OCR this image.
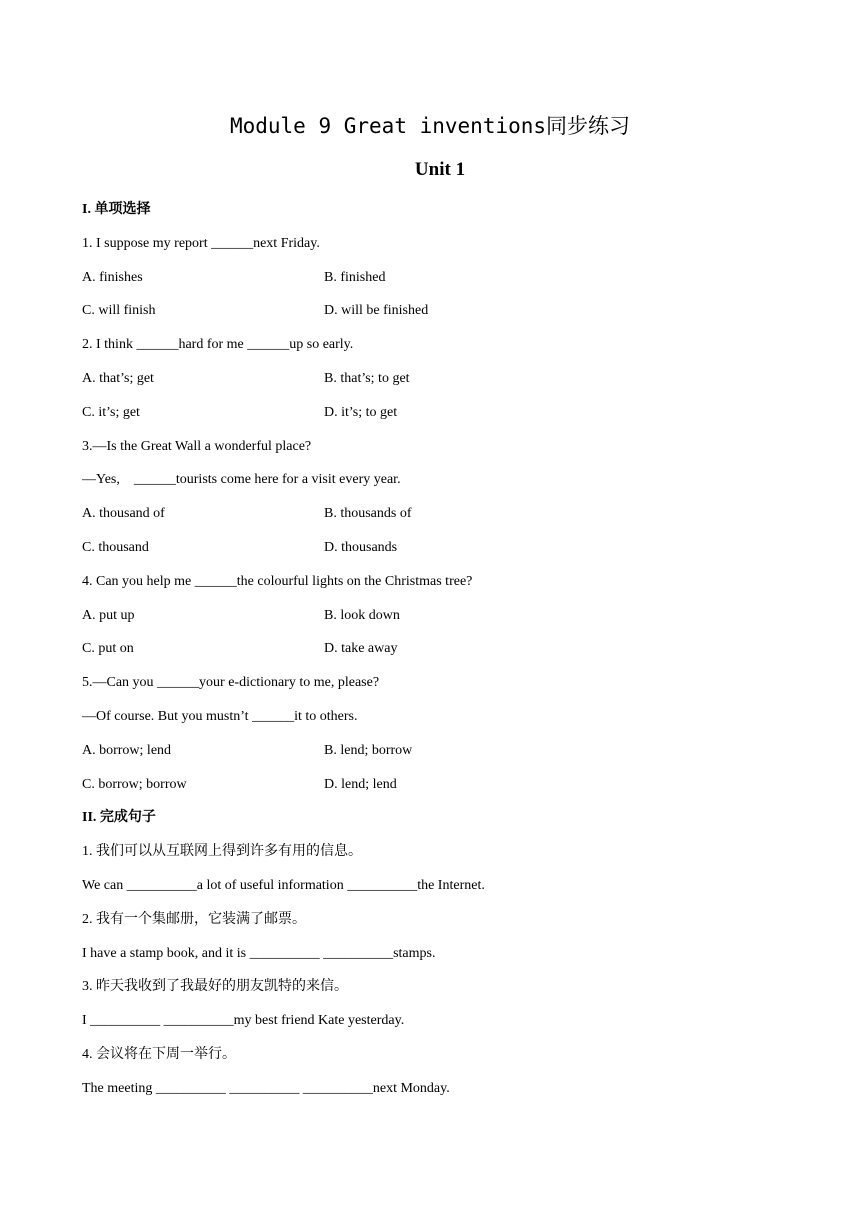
Module 9 Great inventions同步练习
Unit 1
I. 单项选择
1. I suppose my report ______next Friday.
A. finishes	B. finished
C. will finish	D. will be finished
2. I think ______hard for me ______up so early.
A. that’s; get	B. that’s; to get
C. it’s; get	D. it’s; to get
3.—Is the Great Wall a wonderful place?
—Yes,    ______tourists come here for a visit every year.
A. thousand of	B. thousands of
C. thousand	D. thousands
4. Can you help me ______the colourful lights on the Christmas tree?
A. put up	B. look down
C. put on	D. take away
5.—Can you ______your e-dictionary to me, please?
—Of course. But you mustn’t ______it to others.
A. borrow; lend	B. lend; borrow
C. borrow; borrow	D. lend; lend
II. 完成句子
1. 我们可以从互联网上得到许多有用的信息。
We can __________a lot of useful information __________the Internet.
2. 我有一个集邮册，它装满了邮票。
I have a stamp book, and it is __________ __________stamps.
3. 昨天我收到了我最好的朋友凯特的来信。
I __________ __________my best friend Kate yesterday.
4. 会议将在下周一举行。
The meeting __________ __________ __________next Monday.
